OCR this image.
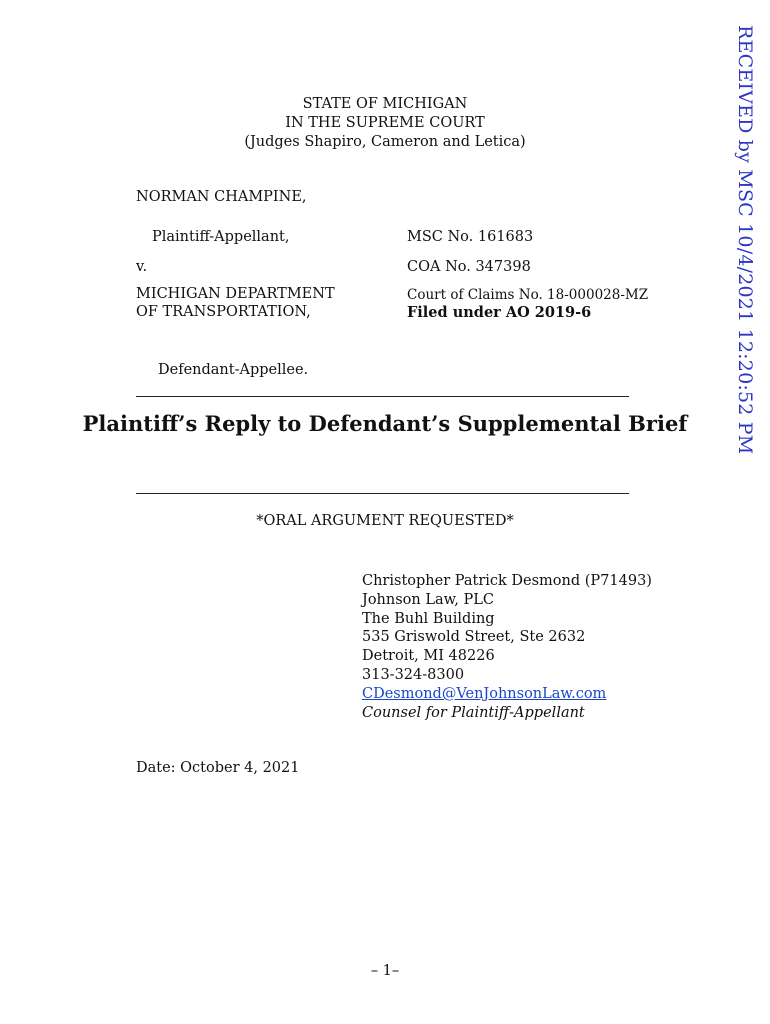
RECEIVED by MSC 10/4/2021 12:20:52 PM
STATE OF MICHIGAN
IN THE SUPREME COURT
(Judges Shapiro, Cameron and Letica)
NORMAN CHAMPINE,
Plaintiff-Appellant,
v.
MICHIGAN DEPARTMENT
OF TRANSPORTATION,
Defendant-Appellee.
MSC No. 161683
COA No. 347398
Court of Claims No. 18-000028-MZ
Filed under AO 2019-6
Plaintiff’s Reply to Defendant’s Supplemental Brief
*ORAL ARGUMENT REQUESTED*
Christopher Patrick Desmond (P71493)
Johnson Law, PLC
The Buhl Building
535 Griswold Street, Ste 2632
Detroit, MI 48226
313-324-8300
CDesmond@VenJohnsonLaw.com
Counsel for Plaintiff-Appellant
Date: October 4, 2021
– 1–
